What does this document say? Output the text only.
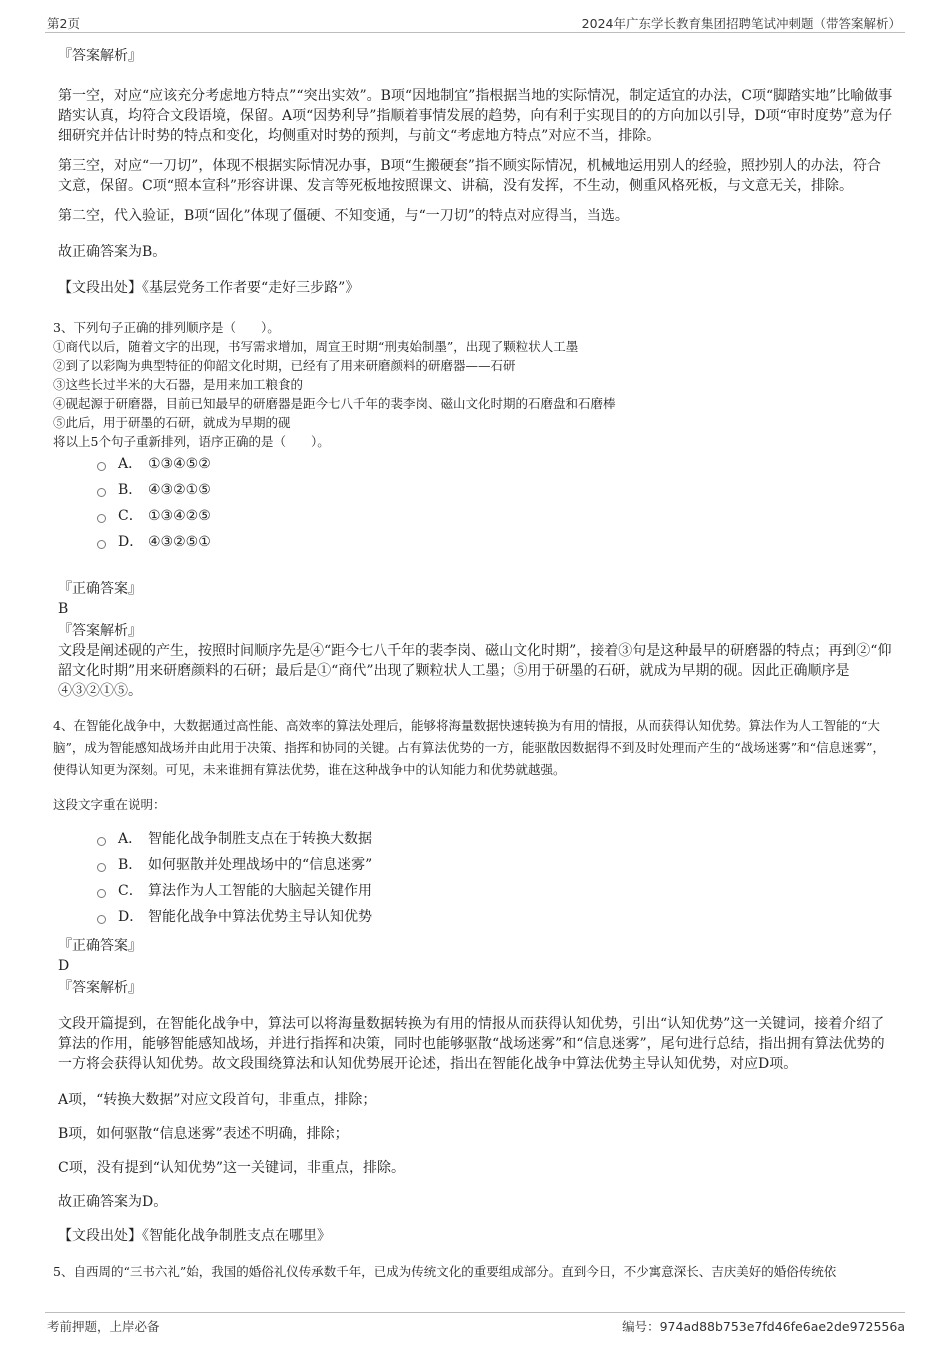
第2页	2024年广东学长教育集团招聘笔试冲刺题（带答案解析）

『答案解析』

第一空，对应“应该充分考虑地方特点”“突出实效”。B项“因地制宜”指根据当地的实际情况，制定适宜的办法，C项“脚踏实地”比喻做事踏实认真，均符合文段语境，保留。A项“因势利导”指顺着事情发展的趋势，向有利于实现目的的方向加以引导，D项“审时度势”意为仔细研究并估计时势的特点和变化，均侧重对时势的预判，与前文“考虑地方特点”对应不当，排除。

第三空，对应“一刀切”，体现不根据实际情况办事，B项“生搬硬套”指不顾实际情况，机械地运用别人的经验，照抄别人的办法，符合文意，保留。C项“照本宣科”形容讲课、发言等死板地按照课文、讲稿，没有发挥，不生动，侧重风格死板，与文意无关，排除。

第二空，代入验证，B项“固化”体现了僵硬、不知变通，与“一刀切”的特点对应得当，当选。

故正确答案为B。

【文段出处】《基层党务工作者要“走好三步路”》

3、下列句子正确的排列顺序是（　　）。

①商代以后，随着文字的出现，书写需求增加，周宣王时期“刑夷始制墨”，出现了颗粒状人工墨

②到了以彩陶为典型特征的仰韶文化时期，已经有了用来研磨颜料的研磨器——石研

③这些长过半米的大石器，是用来加工粮食的

④砚起源于研磨器，目前已知最早的研磨器是距今七八千年的裴李岗、磁山文化时期的石磨盘和石磨棒

⑤此后，用于研墨的石研，就成为早期的砚

将以上5个句子重新排列，语序正确的是（　　）。

A． ①③④⑤②
B． ④③②①⑤
C． ①③④②⑤
D． ④③②⑤①

『正确答案』

B

『答案解析』

文段是阐述砚的产生，按照时间顺序先是④“距今七八千年的裴李岗、磁山文化时期”，接着③句是这种最早的研磨器的特点；再到②“仰韶文化时期”用来研磨颜料的石研；最后是①“商代”出现了颗粒状人工墨；⑤用于研墨的石研，就成为早期的砚。因此正确顺序是④③②①⑤。

4、在智能化战争中，大数据通过高性能、高效率的算法处理后，能够将海量数据快速转换为有用的情报，从而获得认知优势。算法作为人工智能的“大脑”，成为智能感知战场并由此用于决策、指挥和协同的关键。占有算法优势的一方，能驱散因数据得不到及时处理而产生的“战场迷雾”和“信息迷雾”，使得认知更为深刻。可见，未来谁拥有算法优势，谁在这种战争中的认知能力和优势就越强。

这段文字重在说明：

A． 智能化战争制胜支点在于转换大数据
B． 如何驱散并处理战场中的“信息迷雾”
C． 算法作为人工智能的大脑起关键作用
D． 智能化战争中算法优势主导认知优势

『正确答案』

D

『答案解析』

文段开篇提到，在智能化战争中，算法可以将海量数据转换为有用的情报从而获得认知优势，引出“认知优势”这一关键词，接着介绍了算法的作用，能够智能感知战场，并进行指挥和决策，同时也能够驱散“战场迷雾”和“信息迷雾”，尾句进行总结，指出拥有算法优势的一方将会获得认知优势。故文段围绕算法和认知优势展开论述，指出在智能化战争中算法优势主导认知优势，对应D项。

A项，“转换大数据”对应文段首句，非重点，排除；

B项，如何驱散“信息迷雾”表述不明确，排除；

C项，没有提到“认知优势”这一关键词，非重点，排除。

故正确答案为D。

【文段出处】《智能化战争制胜支点在哪里》

5、自西周的“三书六礼”始，我国的婚俗礼仪传承数千年，已成为传统文化的重要组成部分。直到今日，不少寓意深长、吉庆美好的婚俗传统依

考前押题，上岸必备	编号：974ad88b753e7fd46fe6ae2de972556a
